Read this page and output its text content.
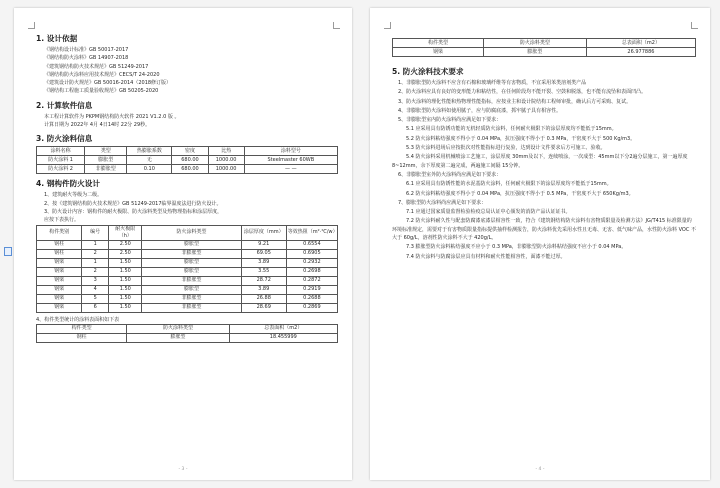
1. 设计依据
《钢结构设计标准》GB 50017-2017
《钢结构防火涂料》GB 14907-2018
《建筑钢结构防火技术规范》GB 51249-2017
《钢结构防火涂料应用技术规范》CECS/T 24-2020
《建筑设计防火规范》GB 50016-2014（2018修订版）
《钢结构工程施工质量验收规范》GB 50205-2020
2. 计算软件信息
本工程计算软件为 PKPM钢结构防火软件 2021 V1.2.0 版 。
计算日期为 2022年 4月 4日14时 22分 29秒。
3. 防火涂料信息
涂料名称	类型	热膨胀系数	密度	比热	涂料型号
防火涂料 1	膨胀型	无	680.00	1000.00	Steelmaster 60WB
防火涂料 2	非膨胀型	0.10	680.00	1000.00	— —
4. 钢构件防火设计
1、建筑耐火等级为二级。
2、按《建筑钢结构防火技术规范》GB 51249-2017临界温度法进行防火设计。
3、防火设计内容：钢构件的耐火极限、防火涂料类型及热物理指标和涂层厚度，
应按下表执行。
构件类别	编号	耐火极限（h）	防火涂料类型	涂层厚度（mm）	等效热阻（m²·℃/w）
钢柱	1	2.50	膨胀型	9.21	0.6554
钢柱	2	2.50	非膨胀型	69.05	0.6905
钢梁	1	1.50	膨胀型	3.89	0.2932
钢梁	2	1.50	膨胀型	3.55	0.2698
钢梁	3	1.50	非膨胀型	28.72	0.2872
钢梁	4	1.50	膨胀型	3.89	0.2919
钢梁	5	1.50	非膨胀型	26.88	0.2688
钢梁	6	1.50	非膨胀型	28.69	0.2869
4、构件类型统计的涂料表面积如下表
构件类型	防火涂料类型	总表面积（m2）
钢柱	膨胀型	18.455999
- 3 -
构件类型	防火涂料类型	总表面积（m2）
钢梁	膨胀型	26.977886
5. 防火涂料技术要求
1、非膨胀型防火涂料不应含有石棉和玻璃纤维等有害物质，不宜采用苯类溶剂类产品
2、防火涂料应具有良好的变形能力和粘结性，在任何阶段均不能开裂、空鼓和脱落，也不能有流坠和表面凹凸。
3、防火涂料的理化性能和热物理性能指标，应按业主和设计院结构工程师审批，确认后方可采购、复试。
4、非膨胀型防火涂料如使用腻子，应与防腐底漆，抓牢腻子具有相容性。
5、非膨胀型室内防火涂料尚应满足如下要求：
5.1 应采用具有防锈功能的无机轻质防火涂料，任何耐火极限下的涂层厚度均不能低于15mm。
5.2 防火涂料粘结强度不得小于 0.04 MPa，抗压强度不得小于 0.3 MPa，干密度不大于 500 Kg/m3。
5.3 防火涂料进场后应按批次对性能指标进行复验，达到设计文件要求后方可施工、验收。
5.4 防火涂料采用机械喷涂工艺施工，涂层厚度 30mm及以下，连续喷涂，一次成型：45mm以下分2遍分层施工，第一遍厚度 8~12mm，余下厚度第二遍完成，两遍施工间隔 15分钟。
6、非膨胀型室外防火涂料尚应满足如下要求：
6.1 应采用具有防锈性能的水泥基防火涂料，任何耐火极限下的涂层厚度均不能低于15mm。
6.2 防火涂料粘结强度不得小于 0.04 MPa，抗压强度不得小于 0.5 MPa，干密度不大于 650Kg/m3。
7、膨胀型防火涂料尚应满足如下要求：
7.1 应通过国家质量监督检验检疫总局认证中心颁发的消防产品认证证书。
7.2 防火涂料耐久性与配套防腐漆底漆层相容性一致，符合《建筑钢结构防火涂料有害物质限量及检测方法》JG/T415 标准限量的环境标准规定，需要对于有害物质限量指标提供抽样检测报告，防火涂料优先采用水性且无毒、无害、低气味产品，水性防火涂料 VOC 不大于 60g/L，溶剂性防火涂料不大于 420g/L。
7.3 膨胀型防火涂料粘结强度不应小于 0.3 MPa，非膨胀型防火涂料粘结强度不应小于 0.04 MPa。
7.4 防火涂料与防腐涂层应具有材料和耐火性能相容性，面漆不能过厚。
- 4 -
